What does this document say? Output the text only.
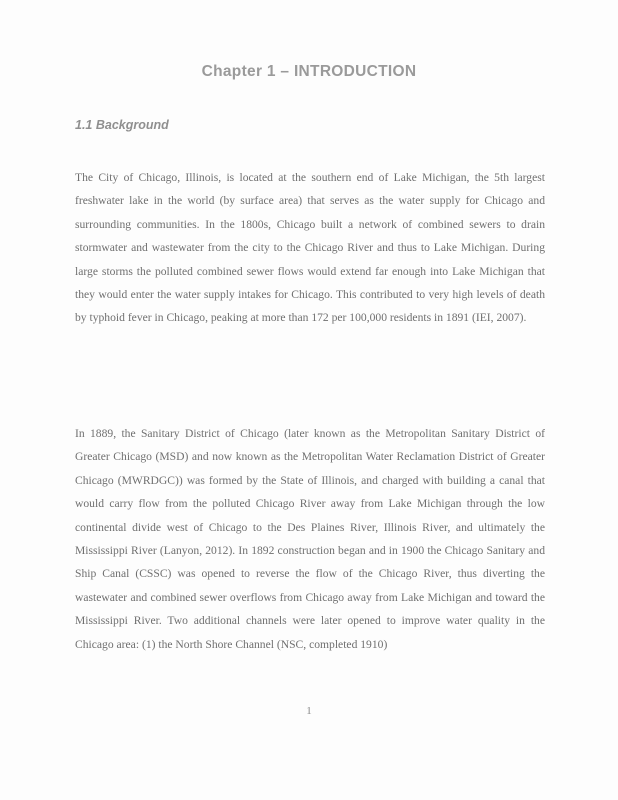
Chapter 1 – INTRODUCTION
1.1 Background

The City of Chicago, Illinois, is located at the southern end of Lake Michigan, the 5th largest freshwater lake in the world (by surface area) that serves as the water supply for Chicago and surrounding communities. In the 1800s, Chicago built a network of combined sewers to drain stormwater and wastewater from the city to the Chicago River and thus to Lake Michigan. During large storms the polluted combined sewer flows would extend far enough into Lake Michigan that they would enter the water supply intakes for Chicago. This contributed to very high levels of death by typhoid fever in Chicago, peaking at more than 172 per 100,000 residents in 1891 (IEI, 2007).

In 1889, the Sanitary District of Chicago (later known as the Metropolitan Sanitary District of Greater Chicago (MSD) and now known as the Metropolitan Water Reclamation District of Greater Chicago (MWRDGC)) was formed by the State of Illinois, and charged with building a canal that would carry flow from the polluted Chicago River away from Lake Michigan through the low continental divide west of Chicago to the Des Plaines River, Illinois River, and ultimately the Mississippi River (Lanyon, 2012). In 1892 construction began and in 1900 the Chicago Sanitary and Ship Canal (CSSC) was opened to reverse the flow of the Chicago River, thus diverting the wastewater and combined sewer overflows from Chicago away from Lake Michigan and toward the Mississippi River. Two additional channels were later opened to improve water quality in the Chicago area: (1) the North Shore Channel (NSC, completed 1910)

1
